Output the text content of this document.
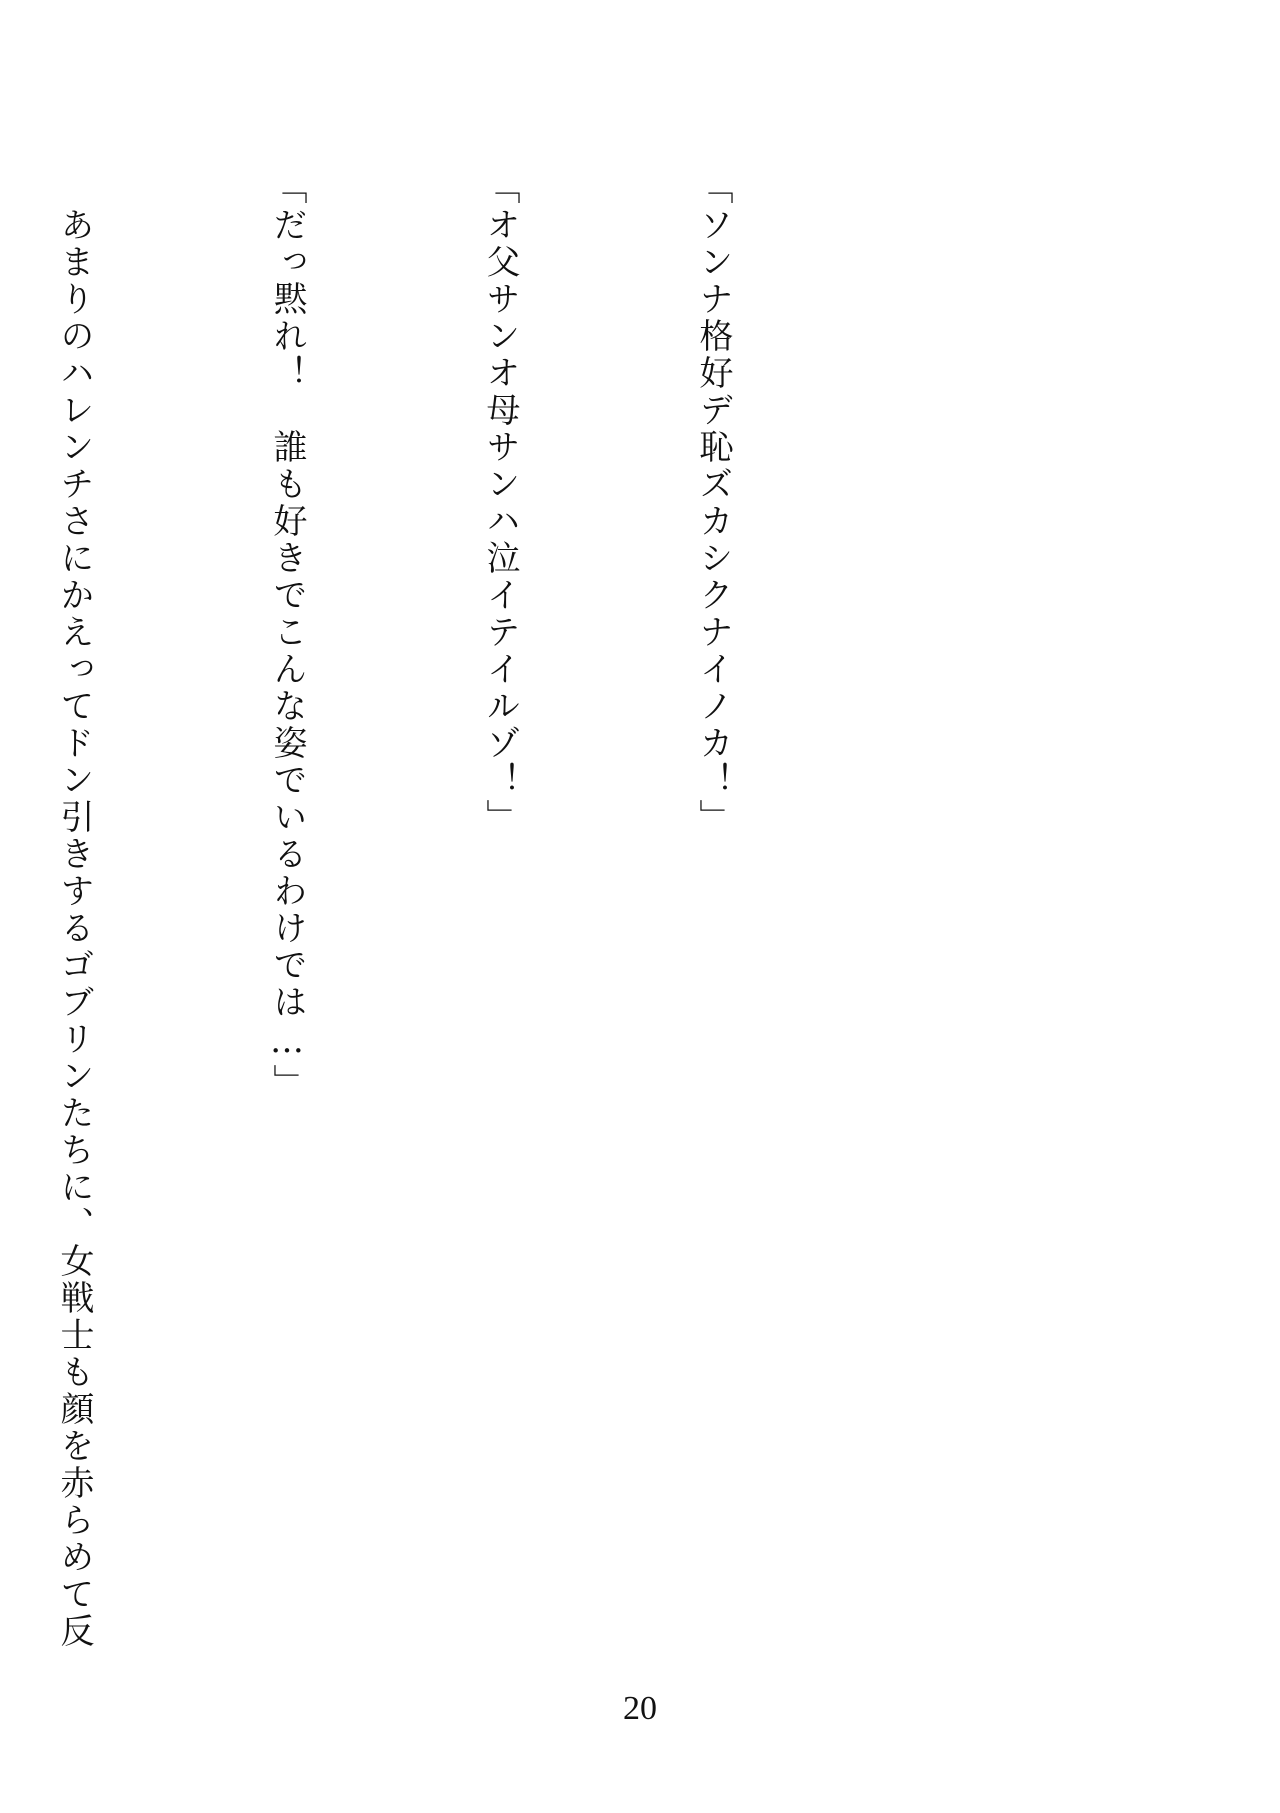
「ソンナ格好デ恥ズカシクナイノカ！」

「オ父サンオ母サンハ泣イテイルゾ！」

「だっ黙れ！　誰も好きでこんな姿でいるわけでは…」

　あまりのハレンチさにかえってドン引きするゴブリンたちに、女戦士も顔を赤らめて反

20
